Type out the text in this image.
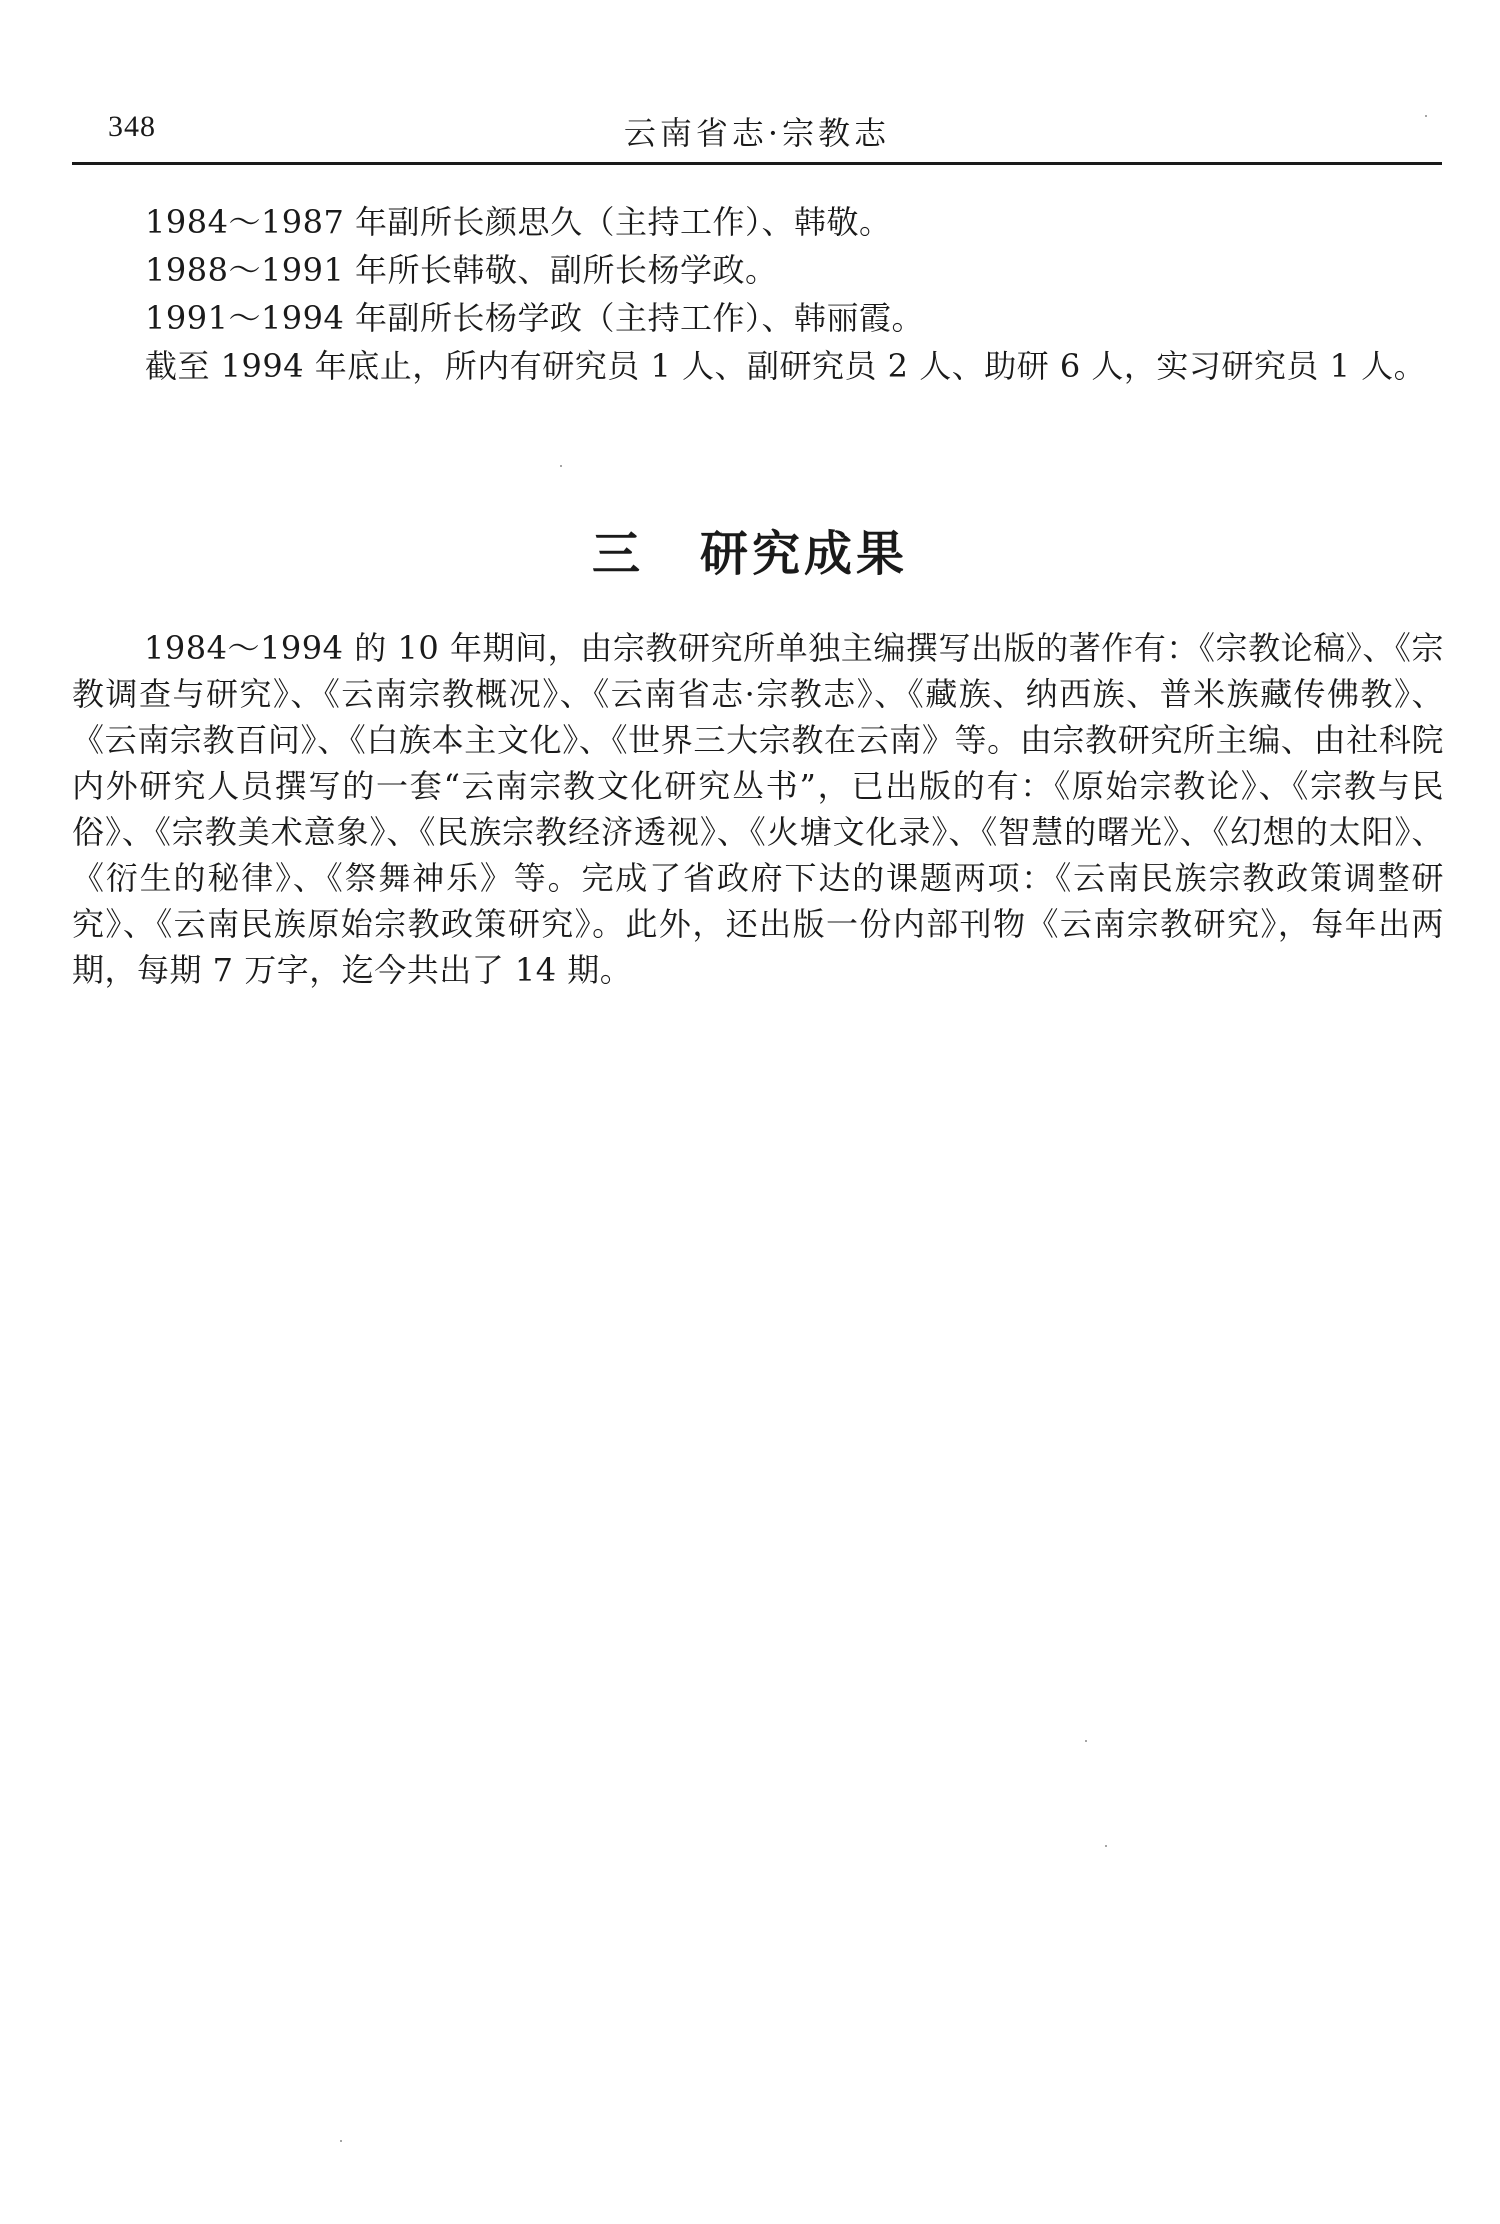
348	云南省志·宗教志
1984～1987 年副所长颜思久（主持工作）、韩敬。
1988～1991 年所长韩敬、副所长杨学政。
1991～1994 年副所长杨学政（主持工作）、韩丽霞。
截至 1994 年底止，所内有研究员 1 人、副研究员 2 人、助研 6 人，实习研究员 1 人。
三 研究成果

1984～1994 的 10 年期间，由宗教研究所单独主编撰写出版的著作有：《宗教论稿》、《宗教调查与研究》、《云南宗教概况》、《云南省志·宗教志》、《藏族、纳西族、普米族藏传佛教》、《云南宗教百问》、《白族本主文化》、《世界三大宗教在云南》等。由宗教研究所主编、由社科院内外研究人员撰写的一套“云南宗教文化研究丛书”，已出版的有：《原始宗教论》、《宗教与民俗》、《宗教美术意象》、《民族宗教经济透视》、《火塘文化录》、《智慧的曙光》、《幻想的太阳》、《衍生的秘律》、《祭舞神乐》等。完成了省政府下达的课题两项：《云南民族宗教政策调整研究》、《云南民族原始宗教政策研究》。此外，还出版一份内部刊物《云南宗教研究》，每年出两期，每期 7 万字，迄今共出了 14 期。
